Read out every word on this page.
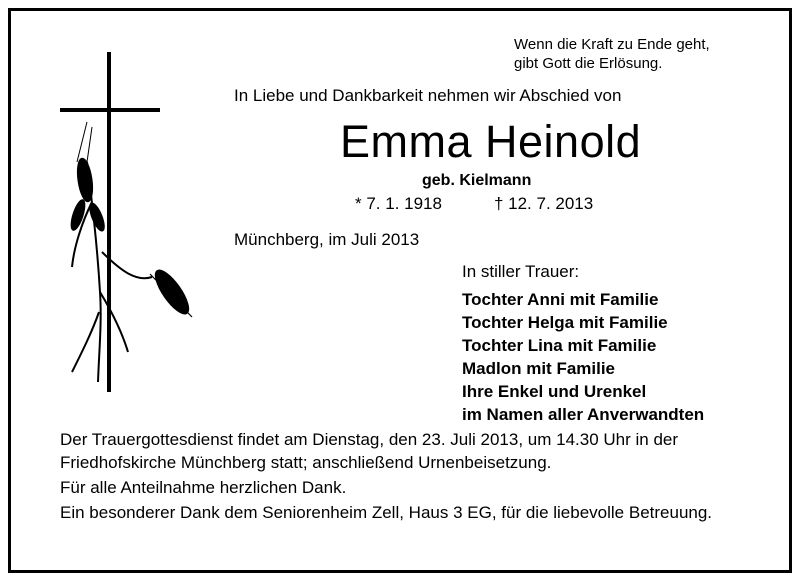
Wenn die Kraft zu Ende geht,
gibt Gott die Erlösung.
In Liebe und Dankbarkeit nehmen wir Abschied von
Emma Heinold
geb. Kielmann
* 7. 1. 1918	† 12. 7. 2013
Münchberg, im Juli 2013
In stiller Trauer:
Tochter Anni mit Familie
Tochter Helga mit Familie
Tochter Lina mit Familie
Madlon mit Familie
Ihre Enkel und Urenkel
im Namen aller Anverwandten

Der Trauergottesdienst findet am Dienstag, den 23. Juli 2013, um 14.30 Uhr in der Friedhofskirche Münchberg statt; anschließend Urnenbeisetzung.

Für alle Anteilnahme herzlichen Dank.

Ein besonderer Dank dem Seniorenheim Zell, Haus 3 EG, für die liebevolle Betreuung.
